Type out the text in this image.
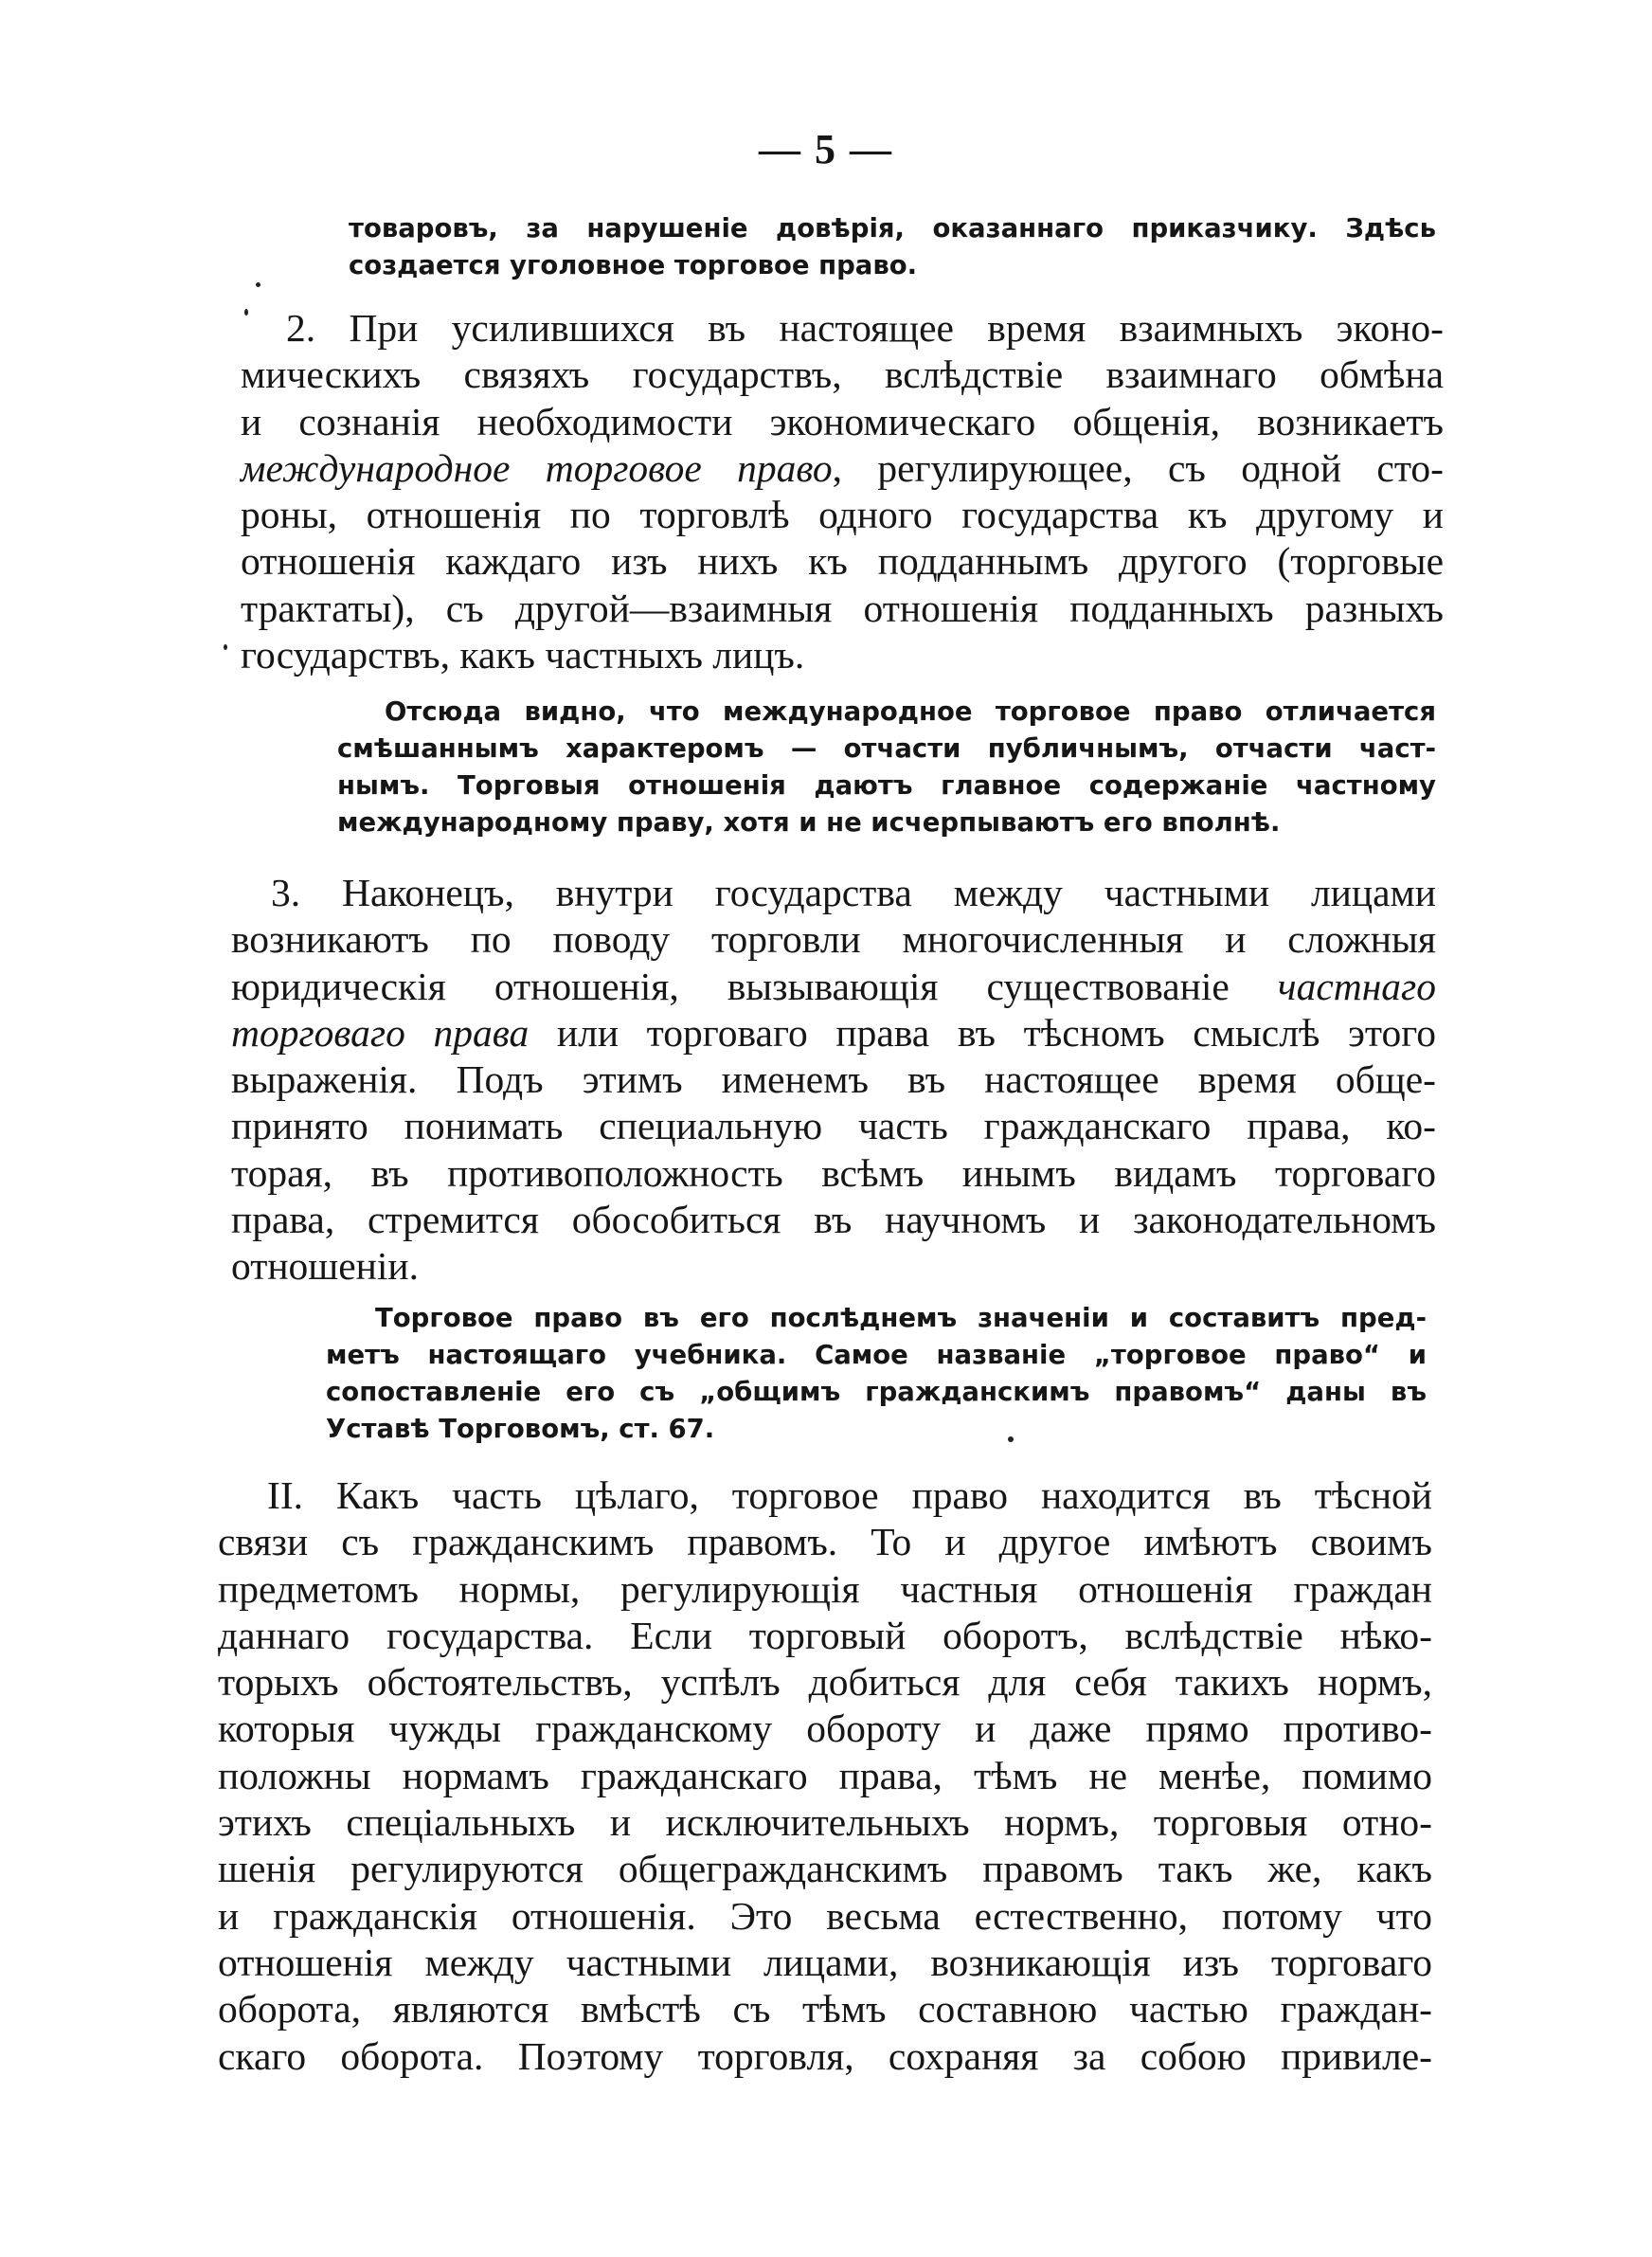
— 5 —
товаровъ, за нарушеніе довѣрія, оказаннаго приказчику. Здѣсь
создается уголовное торговое право.
2. При усилившихся въ настоящее время взаимныхъ эконо-
мическихъ связяхъ государствъ, вслѣдствіе взаимнаго обмѣна
и сознанія необходимости экономическаго общенія, возникаетъ
международное торговое право, регулирующее, съ одной сто-
роны, отношенія по торговлѣ одного государства къ другому и
отношенія каждаго изъ нихъ къ подданнымъ другого (торговые
трактаты), съ другой—взаимныя отношенія подданныхъ разныхъ
государствъ, какъ частныхъ лицъ.
Отсюда видно, что международное торговое право отличается
смѣшаннымъ характеромъ — отчасти публичнымъ, отчасти част-
нымъ. Торговыя отношенія даютъ главное содержаніе частному
международному праву, хотя и не исчерпываютъ его вполнѣ.
3. Наконецъ, внутри государства между частными лицами
возникаютъ по поводу торговли многочисленныя и сложныя
юридическія отношенія, вызывающія существованіе частнаго
торговаго права или торговаго права въ тѣсномъ смыслѣ этого
выраженія. Подъ этимъ именемъ въ настоящее время обще-
принято понимать специальную часть гражданскаго права, ко-
торая, въ противоположность всѣмъ инымъ видамъ торговаго
права, стремится обособиться въ научномъ и законодательномъ
отношеніи.
Торговое право въ его послѣднемъ значеніи и составитъ пред-
метъ настоящаго учебника. Самое названіе „торговое право“ и
сопоставленіе его съ „общимъ гражданскимъ правомъ“ даны въ
Уставѣ Торговомъ, ст. 67.
II. Какъ часть цѣлаго, торговое право находится въ тѣсной
связи съ гражданскимъ правомъ. То и другое имѣютъ своимъ
предметомъ нормы, регулирующія частныя отношенія граждан
даннаго государства. Если торговый оборотъ, вслѣдствіе нѣко-
торыхъ обстоятельствъ, успѣлъ добиться для себя такихъ нормъ,
которыя чужды гражданскому обороту и даже прямо противо-
положны нормамъ гражданскаго права, тѣмъ не менѣе, помимо
этихъ спеціальныхъ и исключительныхъ нормъ, торговыя отно-
шенія регулируются общегражданскимъ правомъ такъ же, какъ
и гражданскія отношенія. Это весьма естественно, потому что
отношенія между частными лицами, возникающія изъ торговаго
оборота, являются вмѣстѣ съ тѣмъ составною частью граждан-
скаго оборота. Поэтому торговля, сохраняя за собою привиле-
